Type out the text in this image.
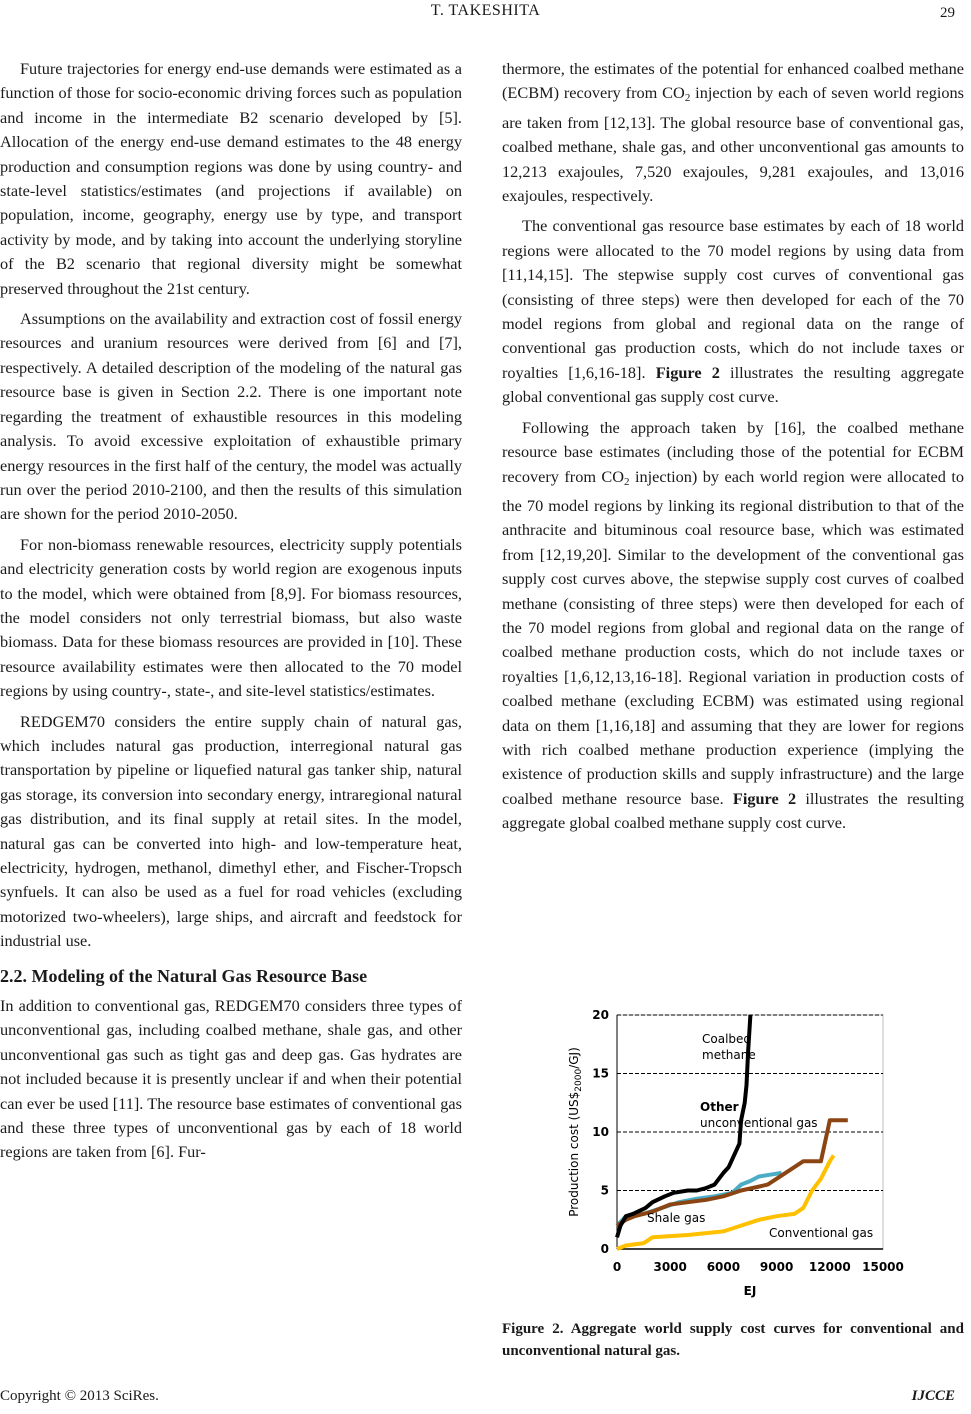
T. TAKESHITA	29

Future trajectories for energy end-use demands were estimated as a function of those for socio-economic driving forces such as population and income in the intermediate B2 scenario developed by [5]. Allocation of the energy end-use demand estimates to the 48 energy production and consumption regions was done by using country- and state-level statistics/estimates (and projections if available) on population, income, geography, energy use by type, and transport activity by mode, and by taking into account the underlying storyline of the B2 scenario that regional diversity might be somewhat preserved throughout the 21st century.

Assumptions on the availability and extraction cost of fossil energy resources and uranium resources were derived from [6] and [7], respectively. A detailed description of the modeling of the natural gas resource base is given in Section 2.2. There is one important note regarding the treatment of exhaustible resources in this modeling analysis. To avoid excessive exploitation of exhaustible primary energy resources in the first half of the century, the model was actually run over the period 2010-2100, and then the results of this simulation are shown for the period 2010-2050.

For non-biomass renewable resources, electricity supply potentials and electricity generation costs by world region are exogenous inputs to the model, which were obtained from [8,9]. For biomass resources, the model considers not only terrestrial biomass, but also waste biomass. Data for these biomass resources are provided in [10]. These resource availability estimates were then allocated to the 70 model regions by using country-, state-, and site-level statistics/estimates.

REDGEM70 considers the entire supply chain of natural gas, which includes natural gas production, interregional natural gas transportation by pipeline or liquefied natural gas tanker ship, natural gas storage, its conversion into secondary energy, intraregional natural gas distribution, and its final supply at retail sites. In the model, natural gas can be converted into high- and low-temperature heat, electricity, hydrogen, methanol, dimethyl ether, and Fischer-Tropsch synfuels. It can also be used as a fuel for road vehicles (excluding motorized two-wheelers), large ships, and aircraft and feedstock for industrial use.

2.2. Modeling of the Natural Gas Resource Base

In addition to conventional gas, REDGEM70 considers three types of unconventional gas, including coalbed methane, shale gas, and other unconventional gas such as tight gas and deep gas. Gas hydrates are not included because it is presently unclear if and when their potential can ever be used [11]. The resource base estimates of conventional gas and these three types of unconventional gas by each of 18 world regions are taken from [6]. Fur-

thermore, the estimates of the potential for enhanced coalbed methane (ECBM) recovery from $CO_2$ injection by each of seven world regions are taken from [12,13]. The global resource base of conventional gas, coalbed methane, shale gas, and other unconventional gas amounts to 12,213 exajoules, 7,520 exajoules, 9,281 exajoules, and 13,016 exajoules, respectively.

The conventional gas resource base estimates by each of 18 world regions were allocated to the 70 model regions by using data from [11,14,15]. The stepwise supply cost curves of conventional gas (consisting of three steps) were then developed for each of the 70 model regions from global and regional data on the range of conventional gas production costs, which do not include taxes or royalties [1,6,16-18]. Figure 2 illustrates the resulting aggregate global conventional gas supply cost curve.

Following the approach taken by [16], the coalbed methane resource base estimates (including those of the potential for ECBM recovery from $CO_2$ injection) by each world region were allocated to the 70 model regions by linking its regional distribution to that of the anthracite and bituminous coal resource base, which was estimated from [12,19,20]. Similar to the development of the conventional gas supply cost curves above, the stepwise supply cost curves of coalbed methane (consisting of three steps) were then developed for each of the 70 model regions from global and regional data on the range of coalbed methane production costs, which do not include taxes or royalties [1,6,12,13,16-18]. Regional variation in production costs of coalbed methane (excluding ECBM) was estimated using regional data on them [1,16,18] and assuming that they are lower for regions with rich coalbed methane production experience (implying the existence of production skills and supply infrastructure) and the large coalbed methane resource base. Figure 2 illustrates the resulting aggregate global coalbed methane supply cost curve.

0
5
10
15
20
0	3000 6000 9000 12000 15000
EJ
Production cost $(US\$_{2000}/GJ)$
Coalbed
methane
Other
unconventional gas
Shale gas
Conventional gas
Figure 2. Aggregate world supply cost curves for conventional and unconventional natural gas.
Copyright © 2013 SciRes.	IJCCE
